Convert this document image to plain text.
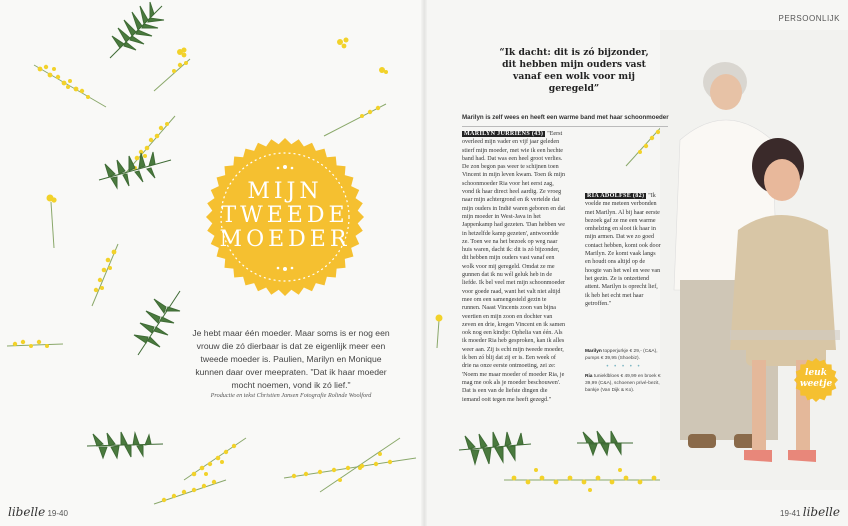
MIJN
TWEEDE
MOEDER
Je hebt maar één moeder. Maar soms is er nog een vrouw die zó dierbaar is dat ze eigenlijk meer een tweede moeder is. Paulien, Marilyn en Monique kunnen daar over meepraten. "Dat ik haar moeder mocht noemen, vond ik zó lief."
Productie en tekst Christien Jansen Fotografie Rolinde Woolford
libelle 19-40	19-41 libelle
PERSOONLIJK
“Ik dacht: dit is zó bijzonder, dit hebben mijn ouders vast vanaf een wolk voor mij geregeld”
Marilyn is zelf wees en heeft een warme band met haar schoonmoeder
MARILYN JURRIËNS (43) "Eerst overleed mijn vader en vijf jaar geleden stierf mijn moeder, met wie ik een hechte band had. Dat was een heel groot verlies. De zon begon pas weer te schijnen toen Vincent in mijn leven kwam. Toen ik mijn schoonmoeder Ria voor het eerst zag, vond ik haar direct heel aardig. Ze vroeg naar mijn achtergrond en ik vertelde dat mijn ouders in Indië waren geboren en dat mijn moeder in West-Java in het Jappenkamp had gezeten. 'Dan hebben we in hetzelfde kamp gezeten', antwoordde ze. Toen we na het bezoek op weg naar huis waren, dacht ik: dit is zó bijzonder, dit hebben mijn ouders vast vanaf een wolk voor mij geregeld. Omdat ze me gunnen dat ik nu wél geluk heb in de liefde. Ik bel veel met mijn schoonmoeder voor goede raad, want het valt niet altijd mee om een samengesteld gezin te runnen. Naast Vincents zoon van bijna veertien en mijn zoon en dochter van zeven en drie, kregen Vincent en ik samen ook nog een kindje: Ophelia van één. Als ik moeder Ria heb gesproken, kan ik alles weer aan. Zij is echt mijn tweede moeder, ik ben zó blij dat zij er is. Een week of drie na onze eerste ontmoeting, zei ze: 'Noem me maar moeder of moeder Ria, je mag me ook als je moeder beschouwen'. Dat is een van de liefste dingen die iemand ooit tegen me heeft gezegd."
RIA ADOLFSE (82) "Ik voelde me meteen verbonden met Marilyn. Al bij haar eerste bezoek gaf ze me een warme omhelzing en sloot ik haar in mijn armen. Dat we zo goed contact hebben, komt ook door Marilyn. Ze komt vaak langs en houdt ons altijd op de hoogte van het wel en wee van het gezin. Ze is ontzettend attent. Marilyn is oprecht lief, ik heb het echt met haar getroffen."
Marilyn topperjurkje € 29,- (C&A), pumps € 39,95 (Shoebiz).
• • • • •
Ria tunieklbloes € 49,99 en broek € 39,99 (C&A), schoenen privé-bezit, bankje (Van Dijk & Ko).
leuk
weetje
